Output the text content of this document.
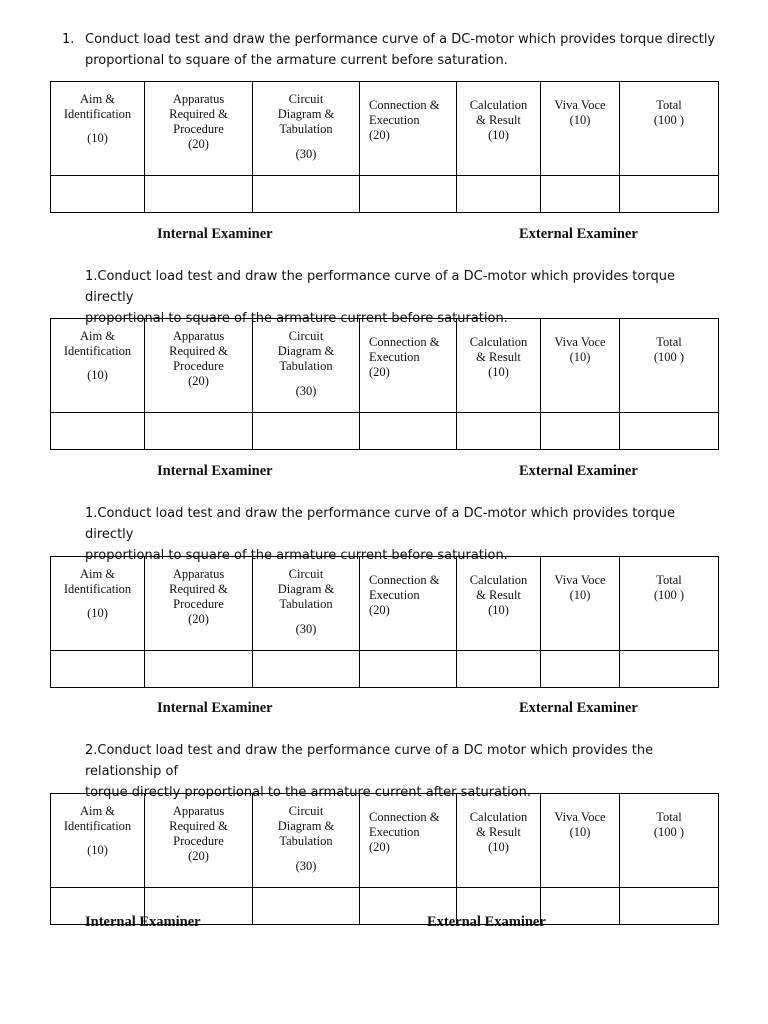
1. Conduct load test and draw the performance curve of a DC-motor which provides torque directly
proportional to square of the armature current before saturation.
Aim &
Identification
(10)	Apparatus
Required &
Procedure
(20)	Circuit
Diagram &
Tabulation
(30)	Connection &
Execution
(20)	Calculation
& Result
(10)	Viva Voce
(10)	Total
(100 )

Internal Examiner	External Examiner
1.Conduct load test and draw the performance curve of a DC-motor which provides torque directly
proportional to square of the armature current before saturation.
Aim &
Identification
(10)	Apparatus
Required &
Procedure
(20)	Circuit
Diagram &
Tabulation
(30)	Connection &
Execution
(20)	Calculation
& Result
(10)	Viva Voce
(10)	Total
(100 )

Internal Examiner	External Examiner
1.Conduct load test and draw the performance curve of a DC-motor which provides torque directly
proportional to square of the armature current before saturation.
Aim &
Identification
(10)	Apparatus
Required &
Procedure
(20)	Circuit
Diagram &
Tabulation
(30)	Connection &
Execution
(20)	Calculation
& Result
(10)	Viva Voce
(10)	Total
(100 )

Internal Examiner	External Examiner
2.Conduct load test and draw the performance curve of a DC motor which provides the relationship of
torque directly proportional to the armature current after saturation.
Aim &
Identification
(10)	Apparatus
Required &
Procedure
(20)	Circuit
Diagram &
Tabulation
(30)	Connection &
Execution
(20)	Calculation
& Result
(10)	Viva Voce
(10)	Total
(100 )

Internal Examiner	External Examiner
